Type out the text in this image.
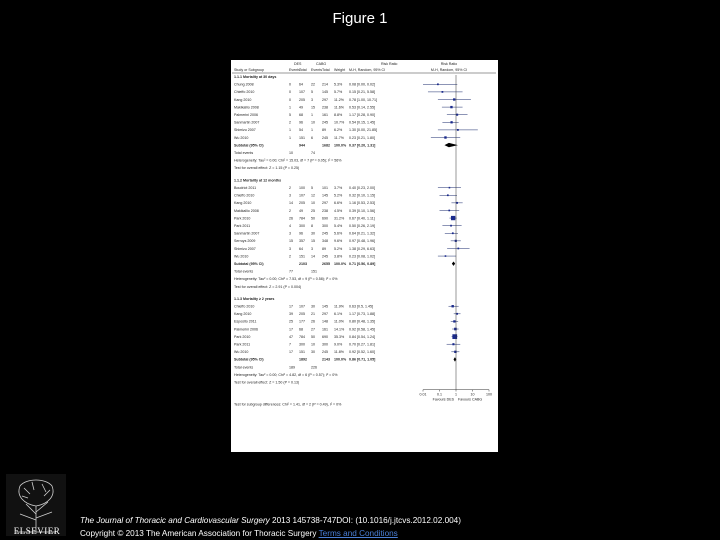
Figure 1
DES	CABG	Risk Ratio	Risk Ratio
Study or Subgroup	Events Total Events Total Weight M-H, Random, 95% CI	M-H, Random, 95% CI
1.1.1 Mortality at 30 days
Chung 2008	0 64 22 214 5.3% 0.08 [0.00, 0.02]
Chieffo 2010	0 107 5	145 5.7% 0.15 [0.21, 5.58]
Kang 2010	0 205 3	297 11.2% 0.78 [1.00, 10.71]
Makikallio 2008	1 49 15 238 11.6% 0.53 [0.14, 2.55]
Palmerini 2006	5 68 1	161 8.8% 1.17 [0.28, 0.90]
Sanmartin 2007	2 96 10 245 10.7% 0.54 [0.15, 1.45]
Shimizu 2007	1 54 1	89 6.2% 1.30 [0.00, 21.85]
Wu 2010	1 151 6	245 11.7% 0.23 [0.21, 1.80]
Subtotal (95% CI)	944	1682 100.0% 0.37 [0.20, 1.31]
Total events	10	74
Heterogeneity: Tau² = 0.00; Chi² = 15.03, df = 7 (P = 0.05); I² = 56%
Test for overall effect: Z = 1.15 (P = 0.25)
1.1.2 Mortality at 12 months
Boudriot 2011	2 100 5	101 3.7% 0.40 [0.23, 2.00]
Chieffo 2010	3 107 12 145 5.2% 0.32 [0.10, 1.15]
Kang 2010	14 205 10 297 6.6% 1.16 [0.53, 2.53]
Makikallio 2008	2 49 25 238 4.5% 0.39 [0.10, 1.56]
Park 2010	26 784 50 690 31.2% 0.67 [0.40, 1.11]
Park 2011	4 300 8	300 5.4% 0.50 [0.26, 2.19]
Sanmartin 2007	3 96 30 245 5.6% 0.64 [0.21, 1.32]
Serruys 2009	15 357 15 348 9.6% 0.97 [0.48, 1.96]
Shimizu 2007	3 64 3	89 5.2% 1.38 [0.29, 6.63]
Wu 2010	2 151 14 245 3.8% 0.23 [0.08, 1.02]
Subtotal (95% CI)	2103	2655 100.0% 0.71 [0.56, 0.89]
Total events	77	151
Heterogeneity: Tau² = 0.00; Chi² = 7.53, df = 9 (P = 0.58); I² = 0%
Test for overall effect: Z = 2.91 (P = 0.004)
1.1.3 Mortality ≥ 2 years
Chieffo 2010	17 107 30 145 11.9% 0.63 [0.5, 1.45]
Kang 2010	39 205 21 297 6.1% 1.17 [0.73, 1.88]
Esposito 2011	25 177 26 148 11.0% 0.80 [0.48, 1.35]
Palmerini 2006	17 68 27 161 14.1% 0.92 [0.58, 1.45]
Park 2010	47 784 50 690 35.3% 0.84 [0.54, 1.24]
Park 2011	7 300 10 300 9.0% 0.70 [0.27, 1.81]
Wu 2010	17 151 30 245 11.8% 0.92 [0.52, 1.60]
Subtotal (95% CI)	1892	2143 100.0% 0.86 [0.71, 1.05]
Total events	189	226
Heterogeneity: Tau² = 0.00; Chi² = 4.82, df = 6 (P = 0.57); I² = 0%
Test for overall effect: Z = 1.50 (P = 0.13)
0.01	0.1	1	10	100
Favours DES Favours CABG
Test for subgroup differences: Chi² = 1.41, df = 2 (P = 0.49), I² = 0%
ELSEVIER
The Journal of Thoracic and Cardiovascular Surgery 2013 145738-747DOI: (10.1016/j.jtcvs.2012.02.004)
Copyright © 2013 The American Association for Thoracic Surgery Terms and Conditions
